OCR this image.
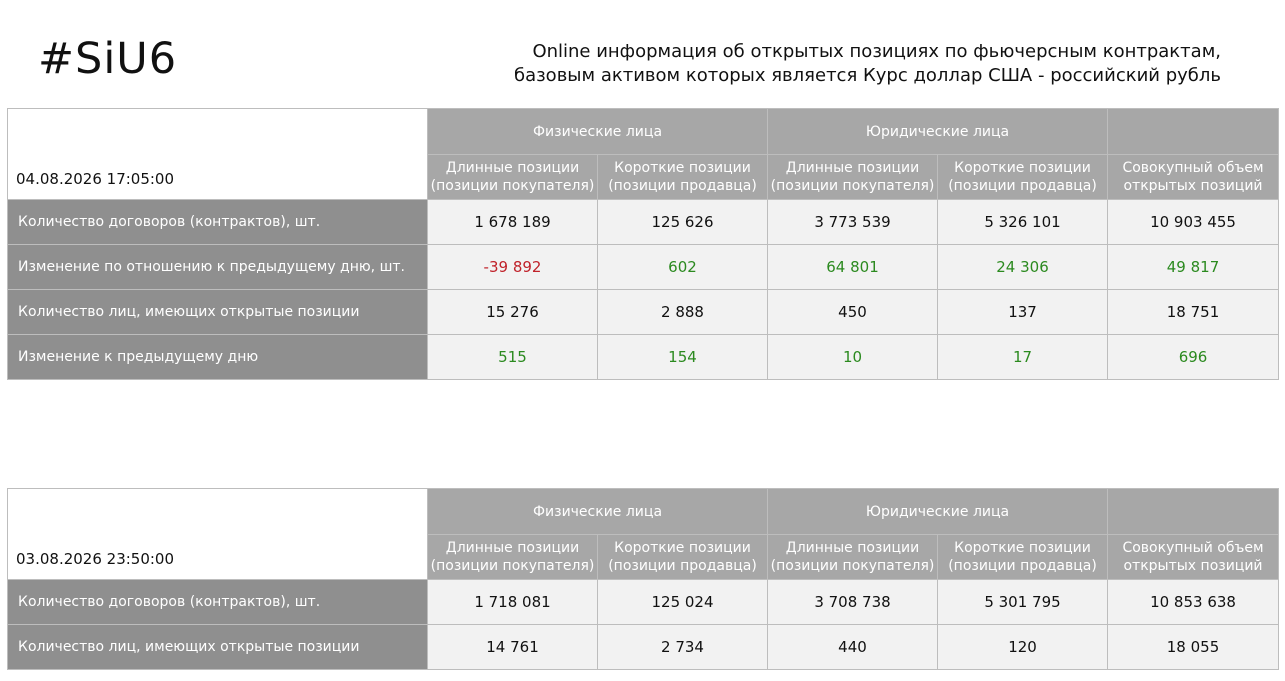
#SiU6	Online информация об открытых позициях по фьючерсным контрактам,
базовым активом которых является Курс доллар США - российский рубль
04.08.2026 17:05:00	Физические лица		Юридические лица		
	Длинные позиции
(позиции покупателя)	Короткие позиции
(позиции продавца)	Длинные позиции
(позиции покупателя)	Короткие позиции
(позиции продавца)	Совокупный объем
открытых позиций
Количество договоров (контрактов), шт.	1 678 189	125 626	3 773 539	5 326 101	10 903 455
Изменение по отношению к предыдущему дню, шт.	-39 892	602	64 801	24 306	49 817
Количество лиц, имеющих открытые позиции	15 276	2 888	450	137	18 751
Изменение к предыдущему дню	515	154	10	17	696
03.08.2026 23:50:00	Физические лица		Юридические лица		
	Длинные позиции
(позиции покупателя)	Короткие позиции
(позиции продавца)	Длинные позиции
(позиции покупателя)	Короткие позиции
(позиции продавца)	Совокупный объем
открытых позиций
Количество договоров (контрактов), шт.	1 718 081	125 024	3 708 738	5 301 795	10 853 638
Количество лиц, имеющих открытые позиции	14 761	2 734	440	120	18 055
